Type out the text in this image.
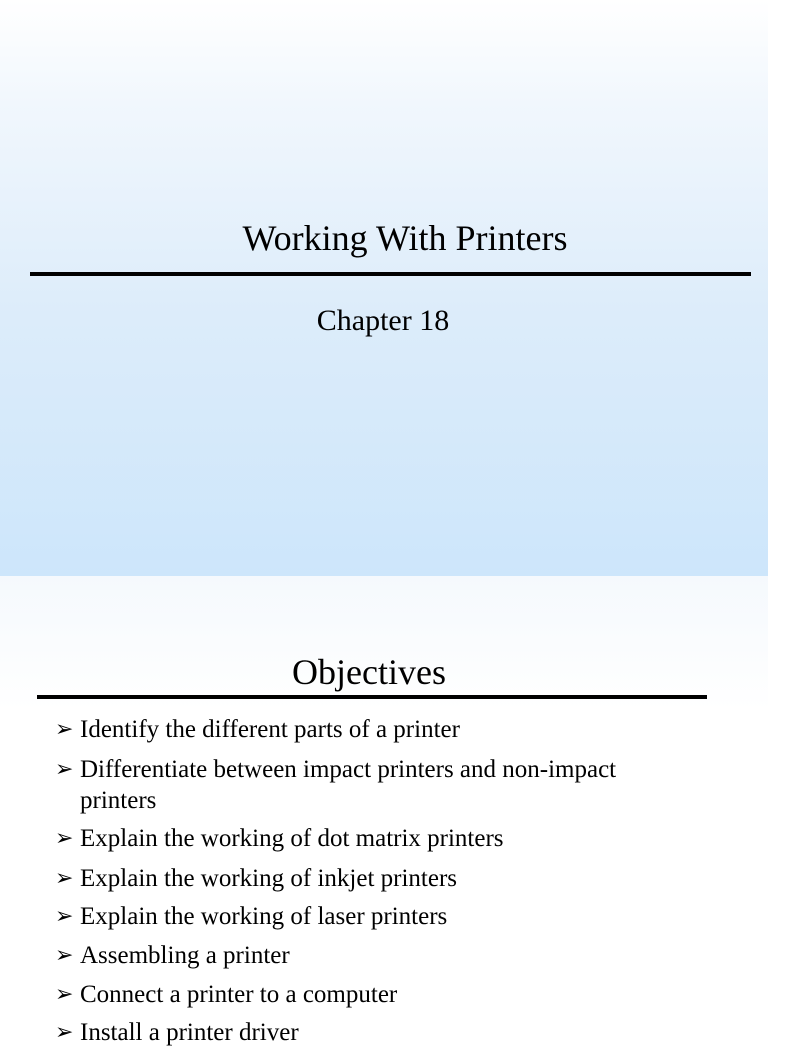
Working With Printers
Chapter 18
Objectives
➢ Identify the different parts of a printer
➢ Differentiate between impact printers and non-impact printers
➢ Explain the working of dot matrix printers
➢ Explain the working of inkjet printers
➢ Explain the working of laser printers
➢ Assembling a printer
➢ Connect a printer to a computer
➢ Install a printer driver
